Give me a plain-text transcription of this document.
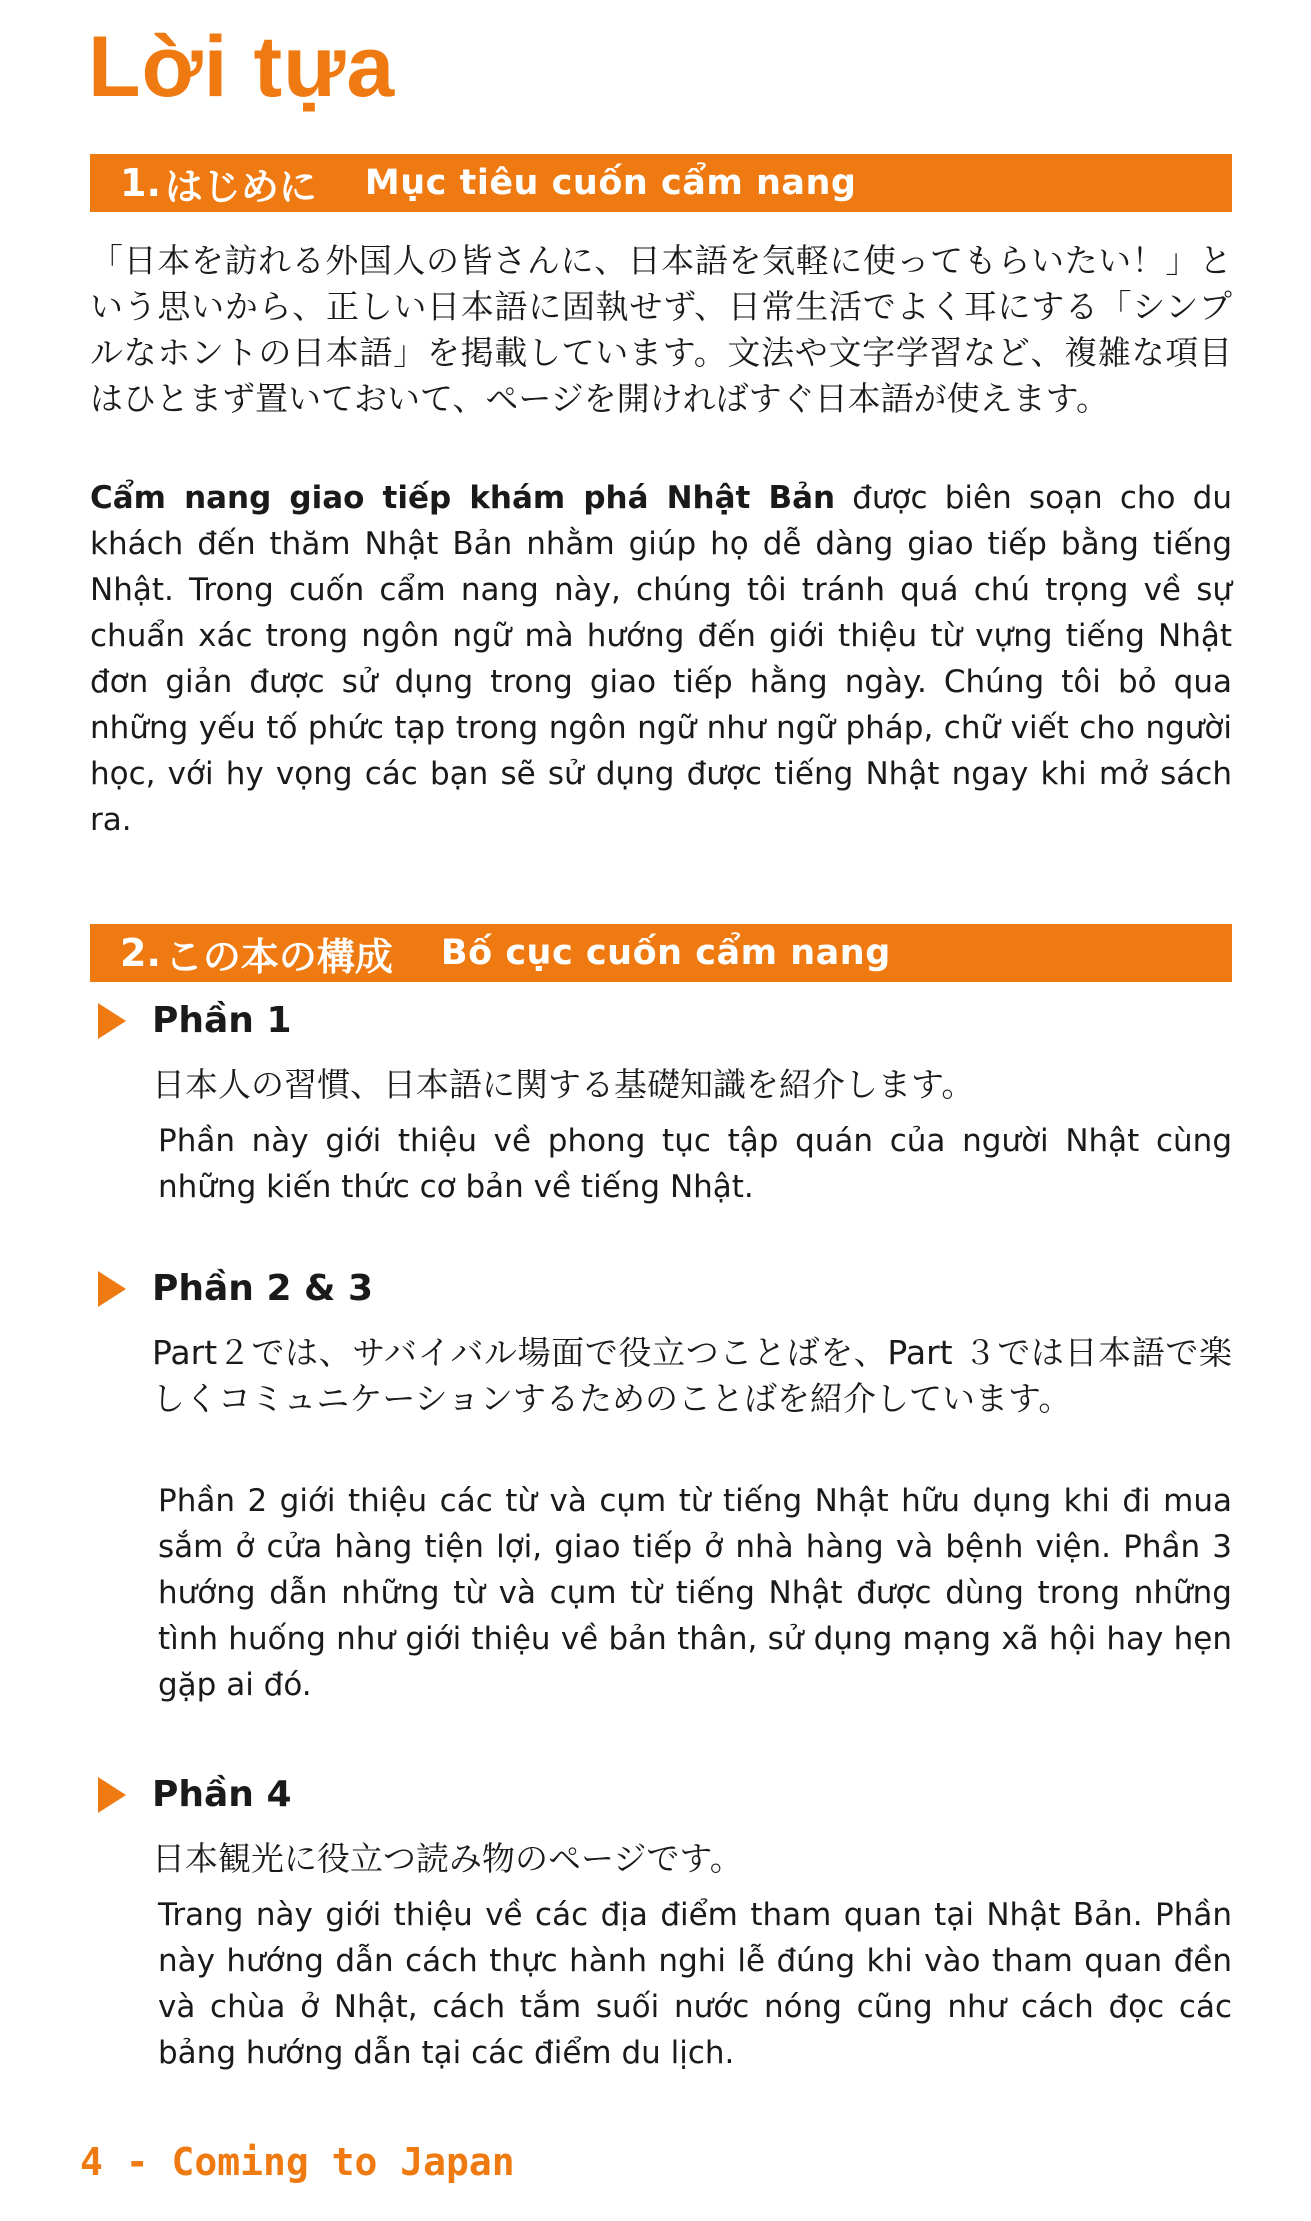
Lời tựa
1. はじめに Mục tiêu cuốn cẩm nang
「日本を訪れる外国人の皆さんに、日本語を気軽に使ってもらいたい！」という思いから、正しい日本語に固執せず、日常生活でよく耳にする「シンプルなホントの日本語」を掲載しています。文法や文字学習など、複雑な項目はひとまず置いておいて、ページを開ければすぐ日本語が使えます。
Cẩm nang giao tiếp khám phá Nhật Bản được biên soạn cho du khách đến thăm Nhật Bản nhằm giúp họ dễ dàng giao tiếp bằng tiếng Nhật. Trong cuốn cẩm nang này, chúng tôi tránh quá chú trọng về sự chuẩn xác trong ngôn ngữ mà hướng đến giới thiệu từ vựng tiếng Nhật đơn giản được sử dụng trong giao tiếp hằng ngày. Chúng tôi bỏ qua những yếu tố phức tạp trong ngôn ngữ như ngữ pháp, chữ viết cho người học, với hy vọng các bạn sẽ sử dụng được tiếng Nhật ngay khi mở sách ra.
2. この本の構成 Bố cục cuốn cẩm nang
Phần 1
日本人の習慣、日本語に関する基礎知識を紹介します。
Phần này giới thiệu về phong tục tập quán của người Nhật cùng những kiến thức cơ bản về tiếng Nhật.
Phần 2 & 3
Part２では、サバイバル場面で役立つことばを、Part ３では日本語で楽しくコミュニケーションするためのことばを紹介しています。
Phần 2 giới thiệu các từ và cụm từ tiếng Nhật hữu dụng khi đi mua sắm ở cửa hàng tiện lợi, giao tiếp ở nhà hàng và bệnh viện. Phần 3 hướng dẫn những từ và cụm từ tiếng Nhật được dùng trong những tình huống như giới thiệu về bản thân, sử dụng mạng xã hội hay hẹn gặp ai đó.
Phần 4
日本観光に役立つ読み物のページです。
Trang này giới thiệu về các địa điểm tham quan tại Nhật Bản. Phần này hướng dẫn cách thực hành nghi lễ đúng khi vào tham quan đền và chùa ở Nhật, cách tắm suối nước nóng cũng như cách đọc các bảng hướng dẫn tại các điểm du lịch.
4 - Coming to Japan
